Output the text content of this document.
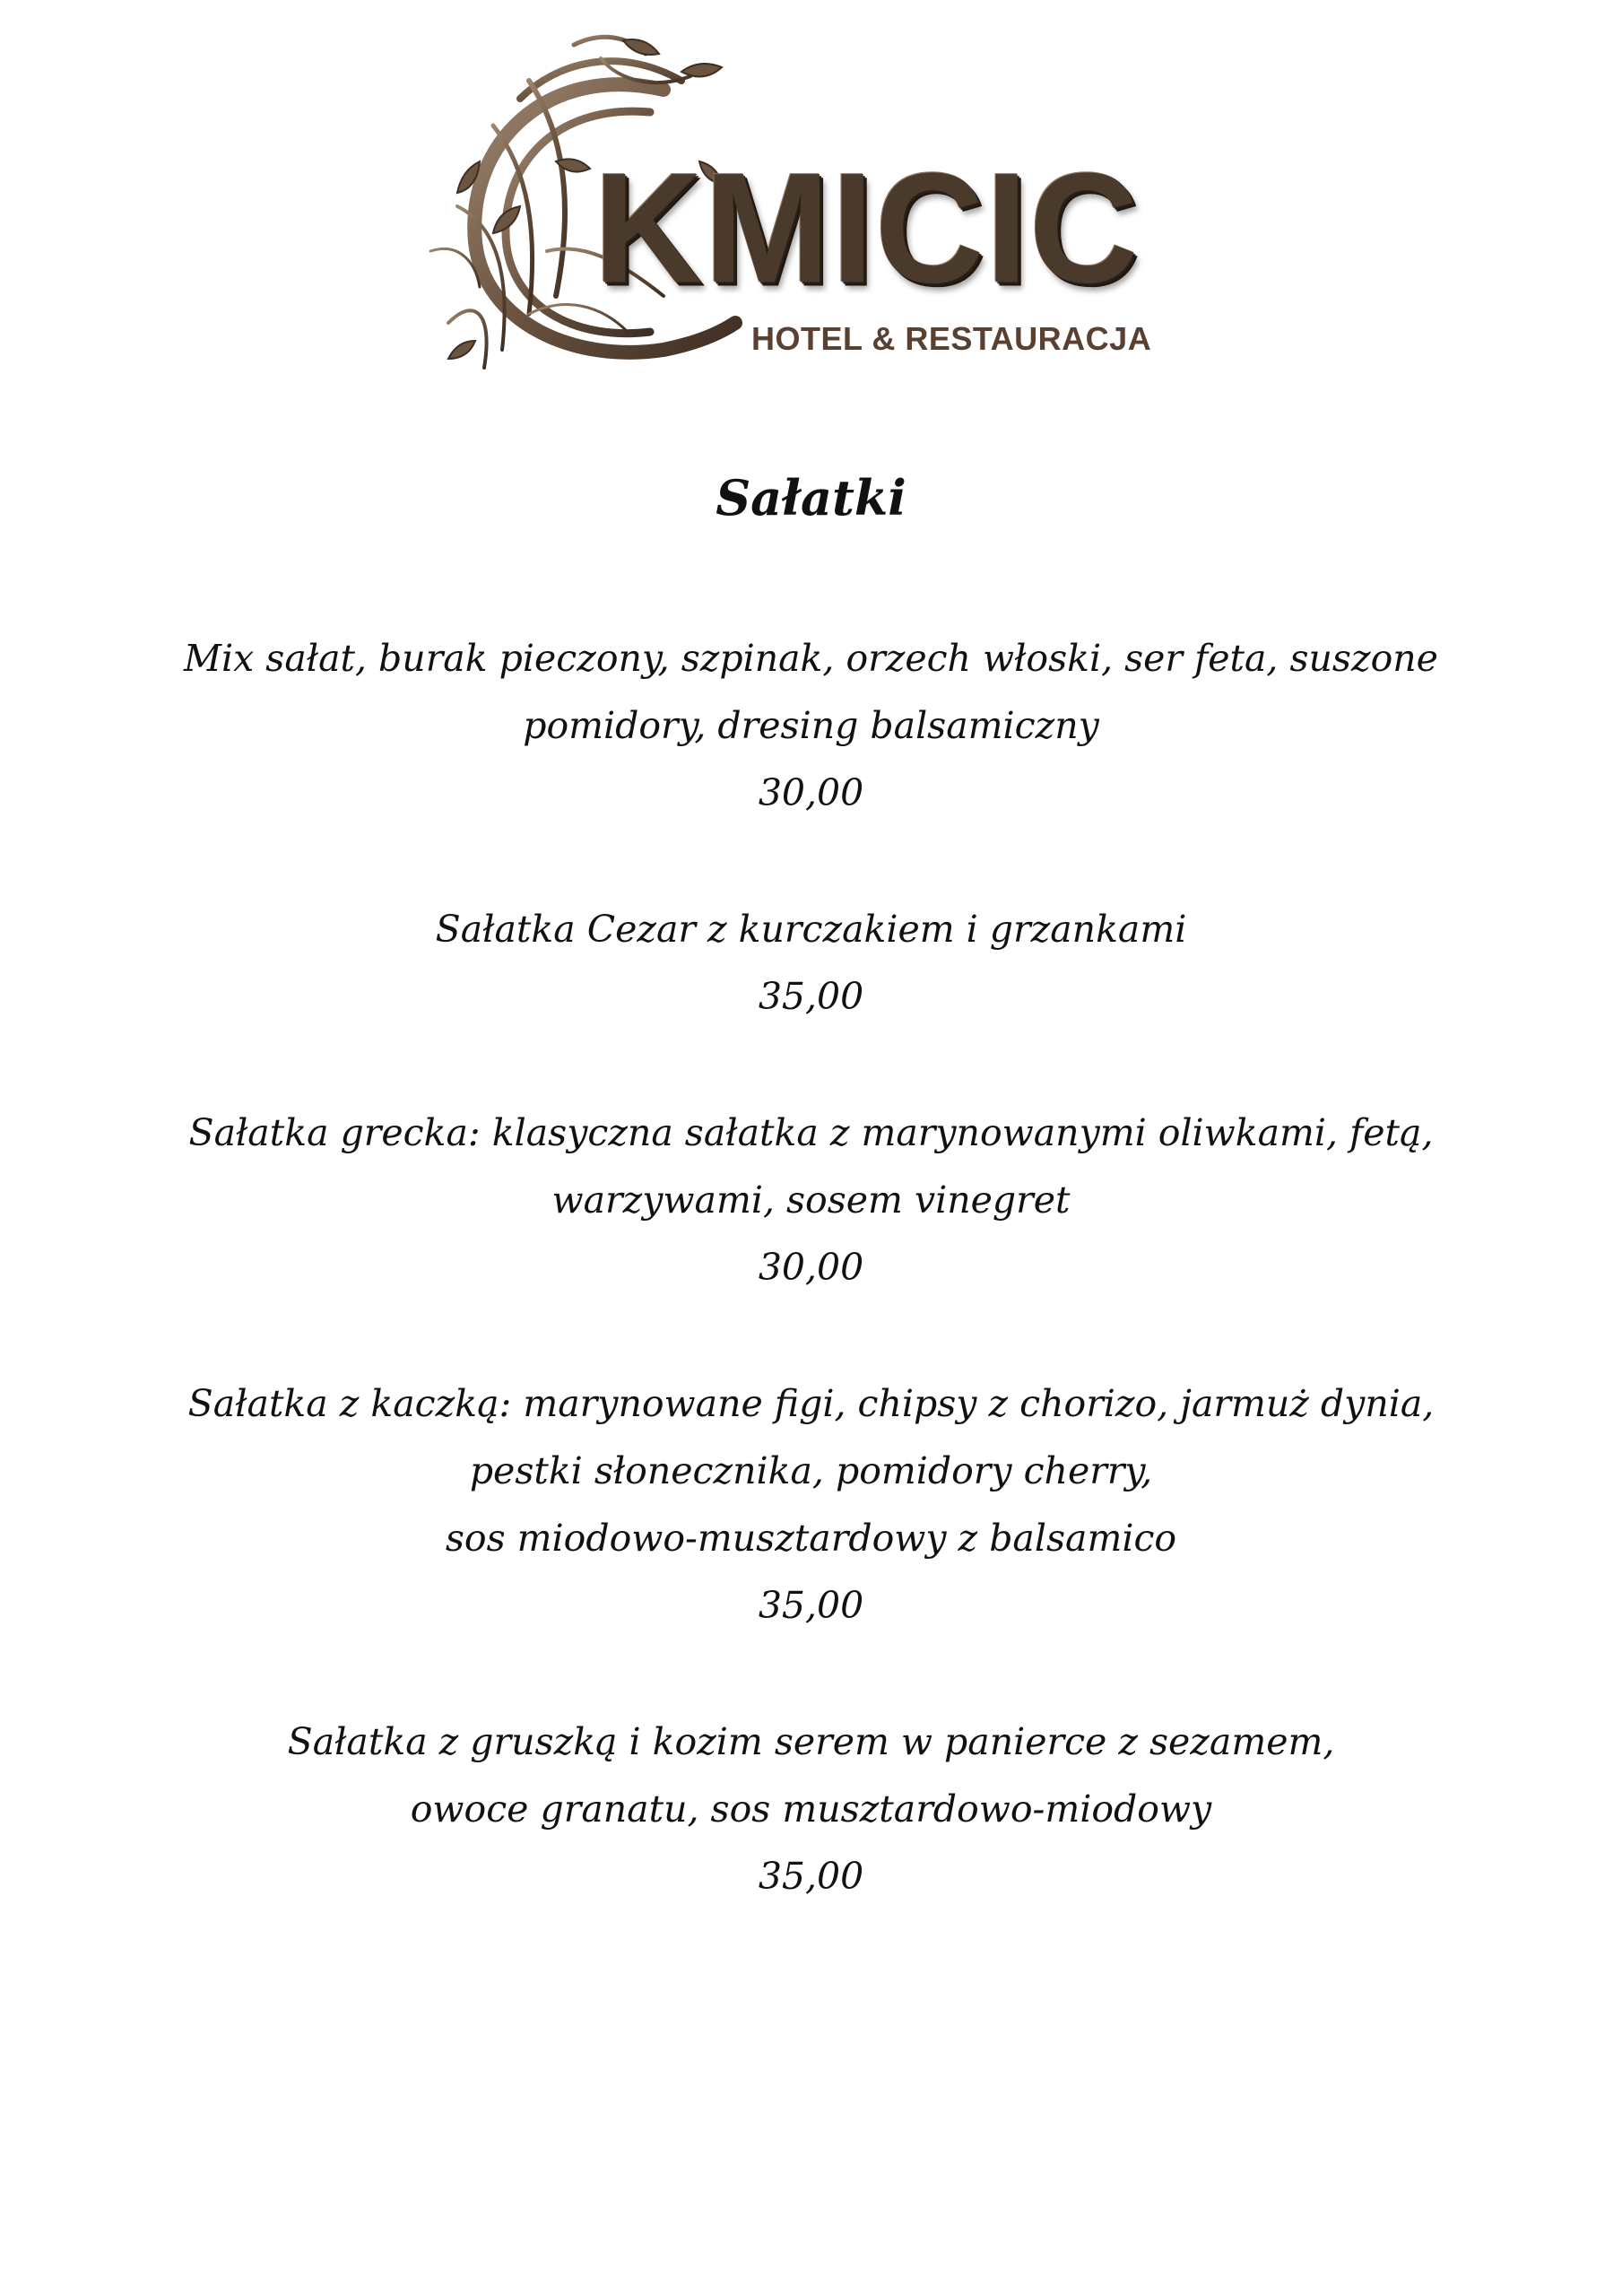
KMICIC
HOTEL & RESTAURACJA
Sałatki
Mix sałat, burak pieczony, szpinak, orzech włoski, ser feta, suszone
pomidory, dresing balsamiczny
30,00
Sałatka Cezar z kurczakiem i grzankami
35,00
Sałatka grecka: klasyczna sałatka z marynowanymi oliwkami, fetą,
warzywami, sosem vinegret
30,00
Sałatka z kaczką: marynowane figi, chipsy z chorizo, jarmuż dynia,
pestki słonecznika, pomidory cherry,
sos miodowo-musztardowy z balsamico
35,00
Sałatka z gruszką i kozim serem w panierce z sezamem,
owoce granatu, sos musztardowo-miodowy
35,00
